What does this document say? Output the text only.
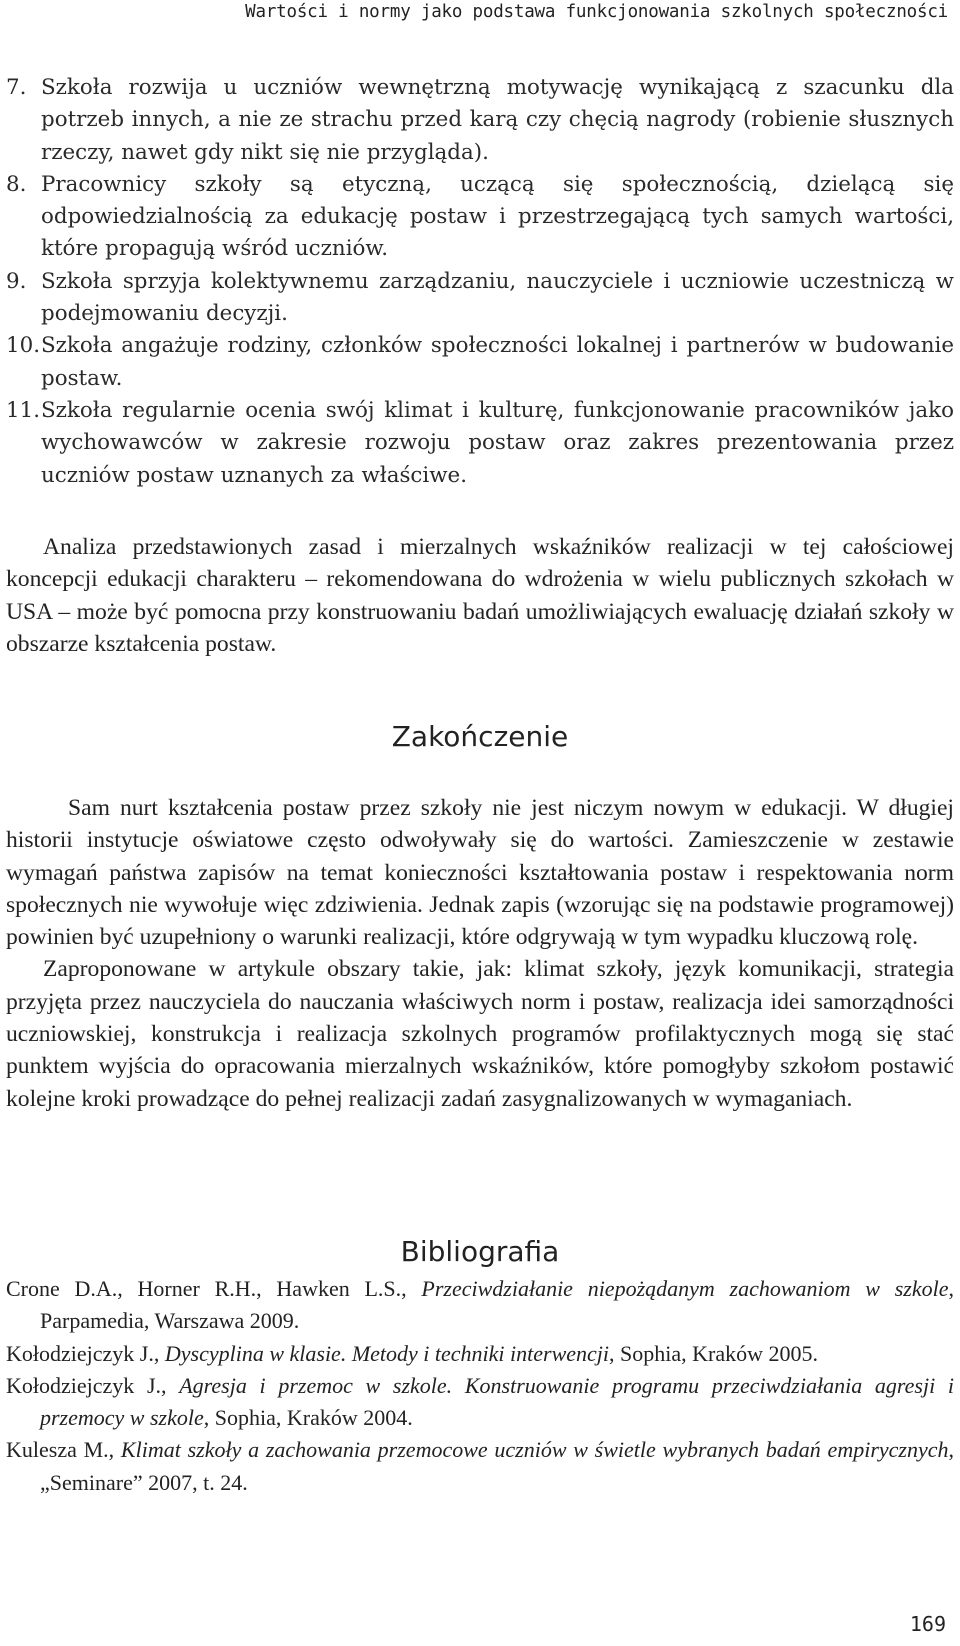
Wartości i normy jako podstawa funkcjonowania szkolnych społeczności
7. Szkoła rozwija u uczniów wewnętrzną motywację wynikającą z szacunku dla potrzeb innych, a nie ze strachu przed karą czy chęcią nagrody (robienie słusznych rzeczy, nawet gdy nikt się nie przygląda).
8. Pracownicy szkoły są etyczną, uczącą się społecznością, dzielącą się odpowiedzialnością za edukację postaw i przestrzegającą tych samych wartości, które propagują wśród uczniów.
9. Szkoła sprzyja kolektywnemu zarządzaniu, nauczyciele i uczniowie uczestniczą w podejmowaniu decyzji.
10.Szkoła angażuje rodziny, członków społeczności lokalnej i partnerów w budowanie postaw.
11.Szkoła regularnie ocenia swój klimat i kulturę, funkcjonowanie pracowników jako wychowawców w zakresie rozwoju postaw oraz zakres prezentowania przez uczniów postaw uznanych za właściwe.
Analiza przedstawionych zasad i mierzalnych wskaźników realizacji w tej całościowej koncepcji edukacji charakteru – rekomendowana do wdrożenia w wielu publicznych szkołach w USA – może być pomocna przy konstruowaniu badań umożliwiających ewaluację działań szkoły w obszarze kształcenia postaw.
Zakończenie

Sam nurt kształcenia postaw przez szkoły nie jest niczym nowym w edukacji. W długiej historii instytucje oświatowe często odwoływały się do wartości. Zamieszczenie w zestawie wymagań państwa zapisów na temat konieczności kształtowania postaw i respektowania norm społecznych nie wywołuje więc zdziwienia. Jednak zapis (wzorując się na podstawie programowej) powinien być uzupełniony o warunki realizacji, które odgrywają w tym wypadku kluczową rolę.

Zaproponowane w artykule obszary takie, jak: klimat szkoły, język komunikacji, strategia przyjęta przez nauczyciela do nauczania właściwych norm i postaw, realizacja idei samorządności uczniowskiej, konstrukcja i realizacja szkolnych programów profilaktycznych mogą się stać punktem wyjścia do opracowania mierzalnych wskaźników, które pomogłyby szkołom postawić kolejne kroki prowadzące do pełnej realizacji zadań zasygnalizowanych w wymaganiach.

Bibliografia
Crone D.A., Horner R.H., Hawken L.S., Przeciwdziałanie niepożądanym zachowaniom w szkole, Parpamedia, Warszawa 2009.
Kołodziejczyk J., Dyscyplina w klasie. Metody i techniki interwencji, Sophia, Kraków 2005.
Kołodziejczyk J., Agresja i przemoc w szkole. Konstruowanie programu przeciwdziałania agresji i przemocy w szkole, Sophia, Kraków 2004.
Kulesza M., Klimat szkoły a zachowania przemocowe uczniów w świetle wybranych badań empirycznych, „Seminare” 2007, t. 24.
169
